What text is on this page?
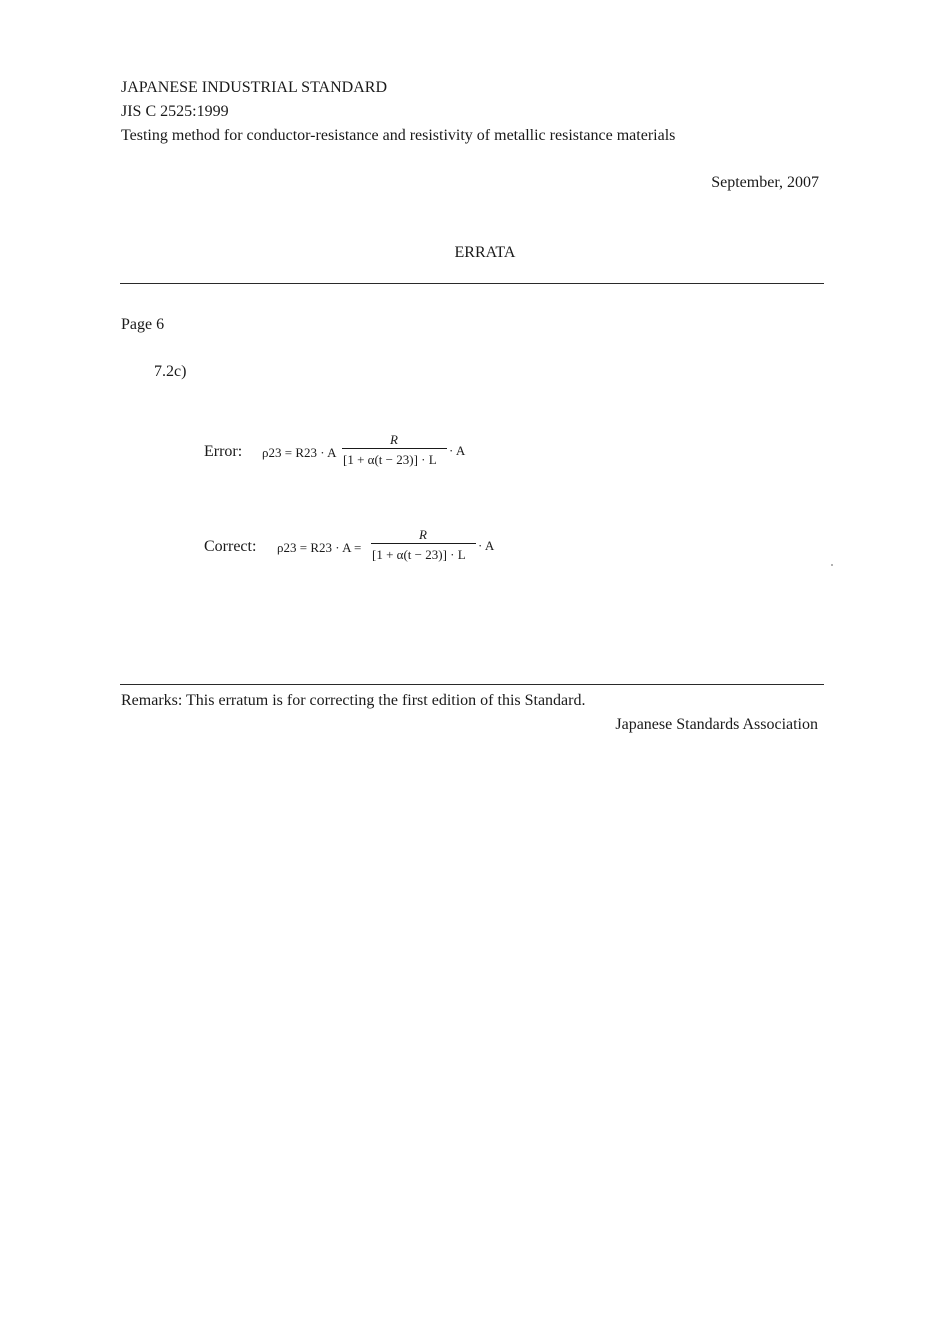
JAPANESE INDUSTRIAL STANDARD
JIS C 2525:1999
Testing method for conductor-resistance and resistivity of metallic resistance materials
September, 2007
ERRATA
Page 6
7.2c)
Error: ρ23 = R23 · A
R
[1 + α(t − 23)] · L
· A
Correct: ρ23 = R23 · A =
R
[1 + α(t − 23)] · L
· A
Remarks: This erratum is for correcting the first edition of this Standard.
Japanese Standards Association
